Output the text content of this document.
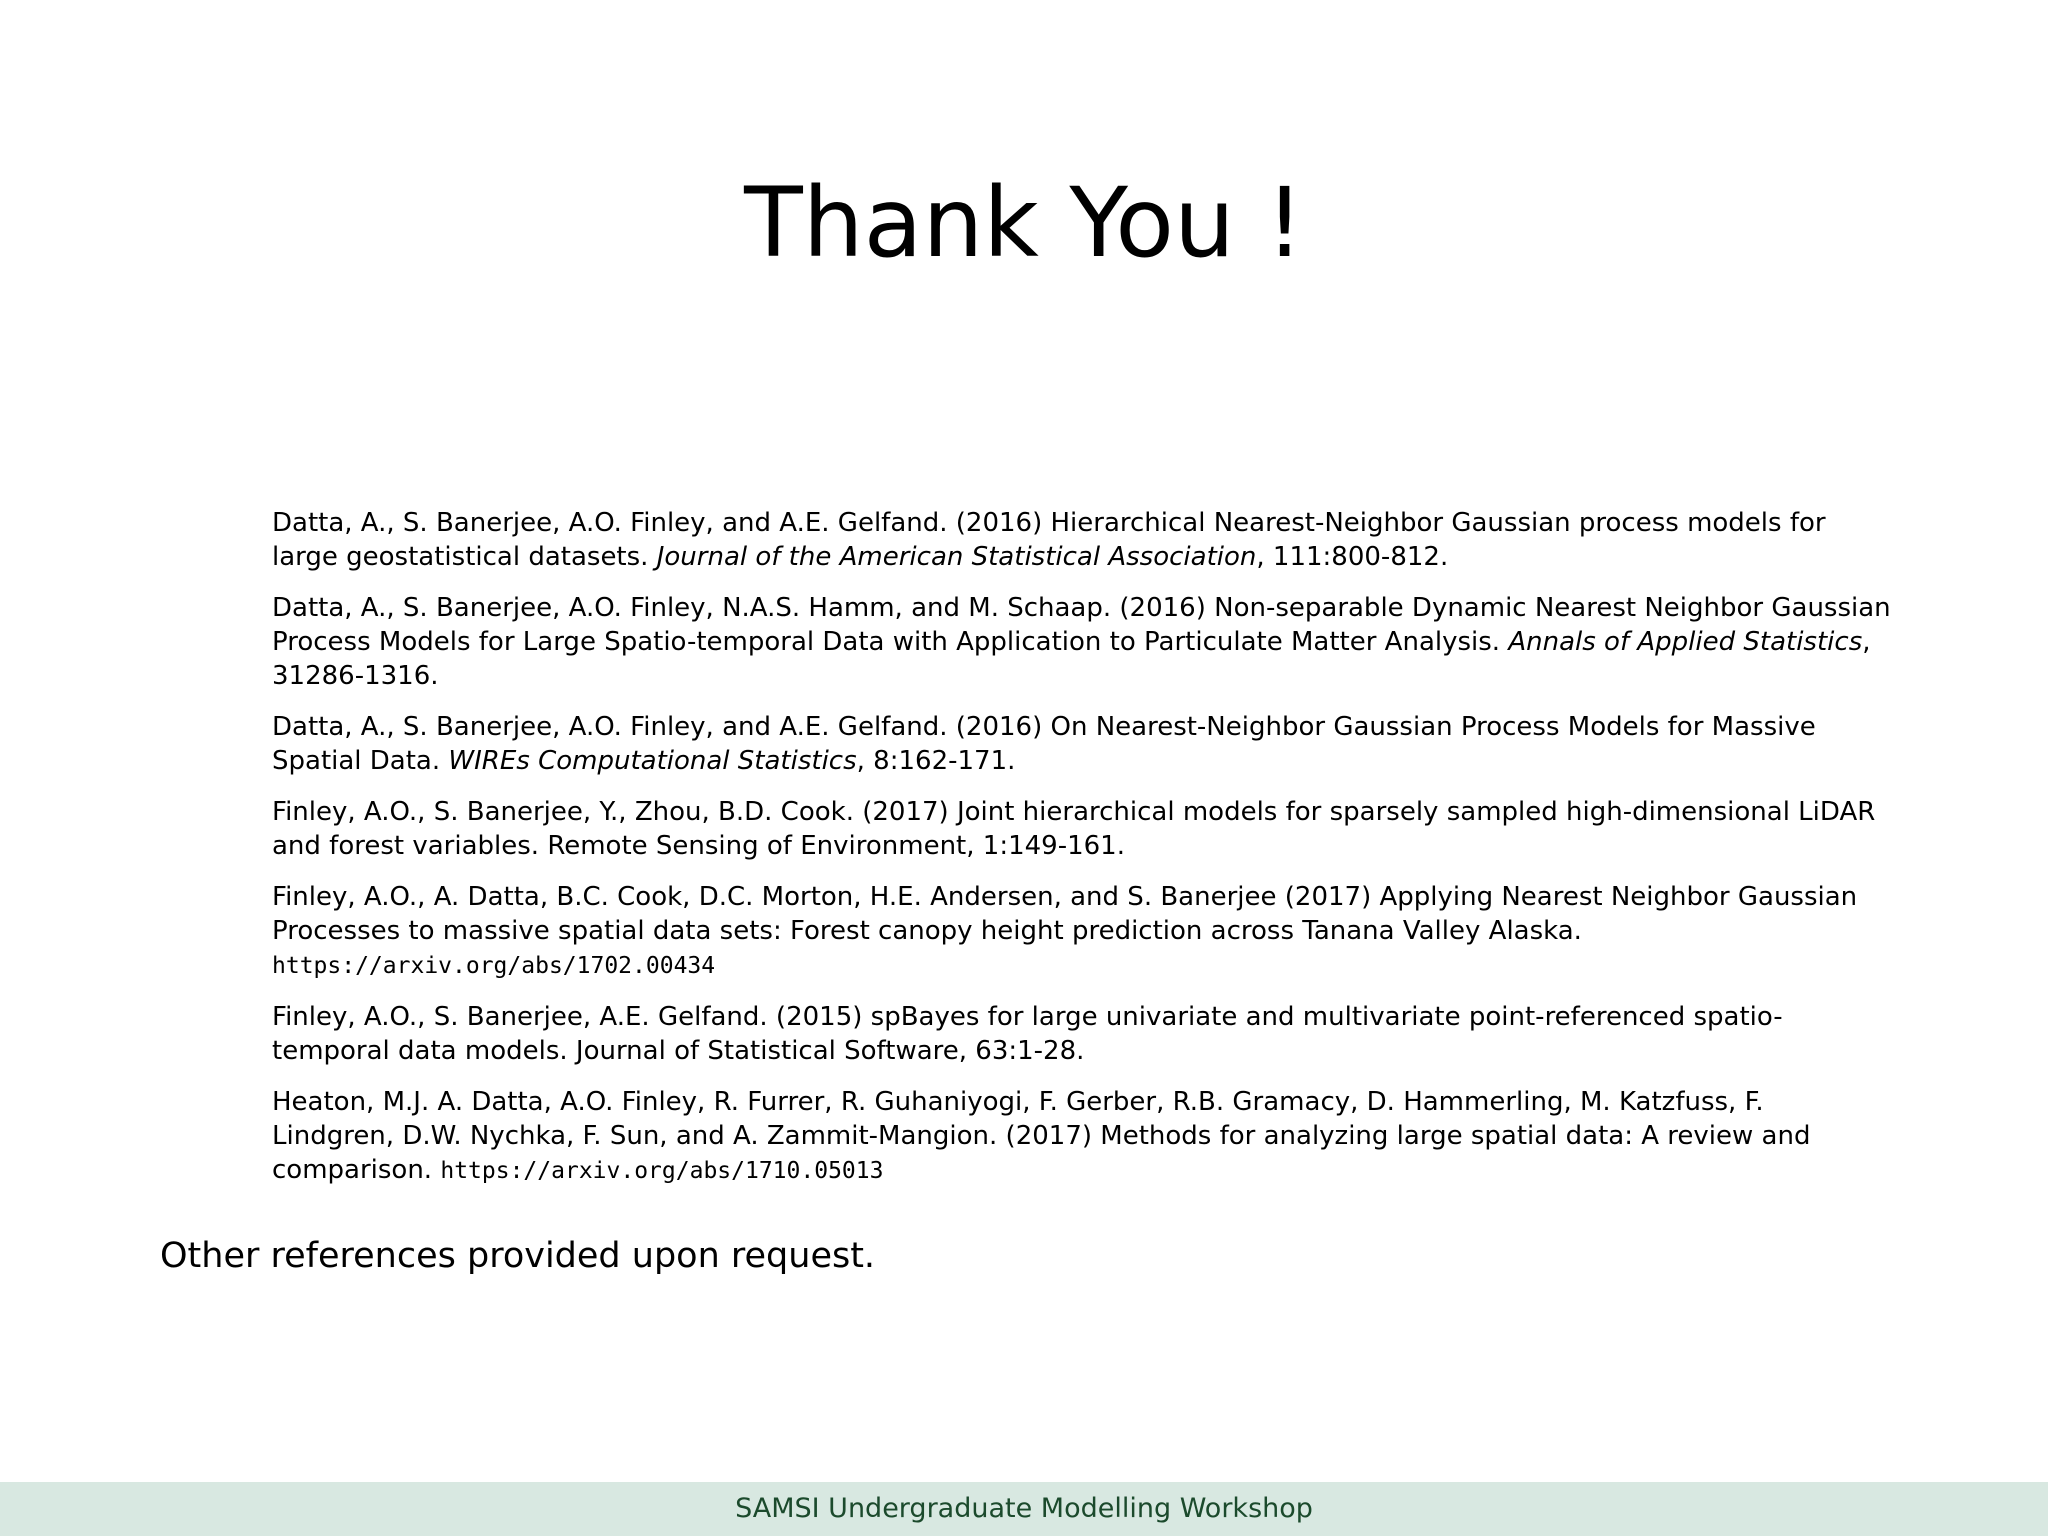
Thank You !

Datta, A., S. Banerjee, A.O. Finley, and A.E. Gelfand. (2016) Hierarchical Nearest-Neighbor Gaussian process models for large geostatistical datasets. Journal of the American Statistical Association, 111:800-812.

Datta, A., S. Banerjee, A.O. Finley, N.A.S. Hamm, and M. Schaap. (2016) Non-separable Dynamic Nearest Neighbor Gaussian Process Models for Large Spatio-temporal Data with Application to Particulate Matter Analysis. Annals of Applied Statistics, 31286-1316.

Datta, A., S. Banerjee, A.O. Finley, and A.E. Gelfand. (2016) On Nearest-Neighbor Gaussian Process Models for Massive Spatial Data. WIREs Computational Statistics, 8:162-171.

Finley, A.O., S. Banerjee, Y., Zhou, B.D. Cook. (2017) Joint hierarchical models for sparsely sampled high-dimensional LiDAR and forest variables. Remote Sensing of Environment, 1:149-161.

Finley, A.O., A. Datta, B.C. Cook, D.C. Morton, H.E. Andersen, and S. Banerjee (2017) Applying Nearest Neighbor Gaussian Processes to massive spatial data sets: Forest canopy height prediction across Tanana Valley Alaska. https://arxiv.org/abs/1702.00434

Finley, A.O., S. Banerjee, A.E. Gelfand. (2015) spBayes for large univariate and multivariate point-referenced spatio-temporal data models. Journal of Statistical Software, 63:1-28.

Heaton, M.J. A. Datta, A.O. Finley, R. Furrer, R. Guhaniyogi, F. Gerber, R.B. Gramacy, D. Hammerling, M. Katzfuss, F. Lindgren, D.W. Nychka, F. Sun, and A. Zammit-Mangion. (2017) Methods for analyzing large spatial data: A review and comparison. https://arxiv.org/abs/1710.05013

Other references provided upon request.

SAMSI Undergraduate Modelling Workshop
